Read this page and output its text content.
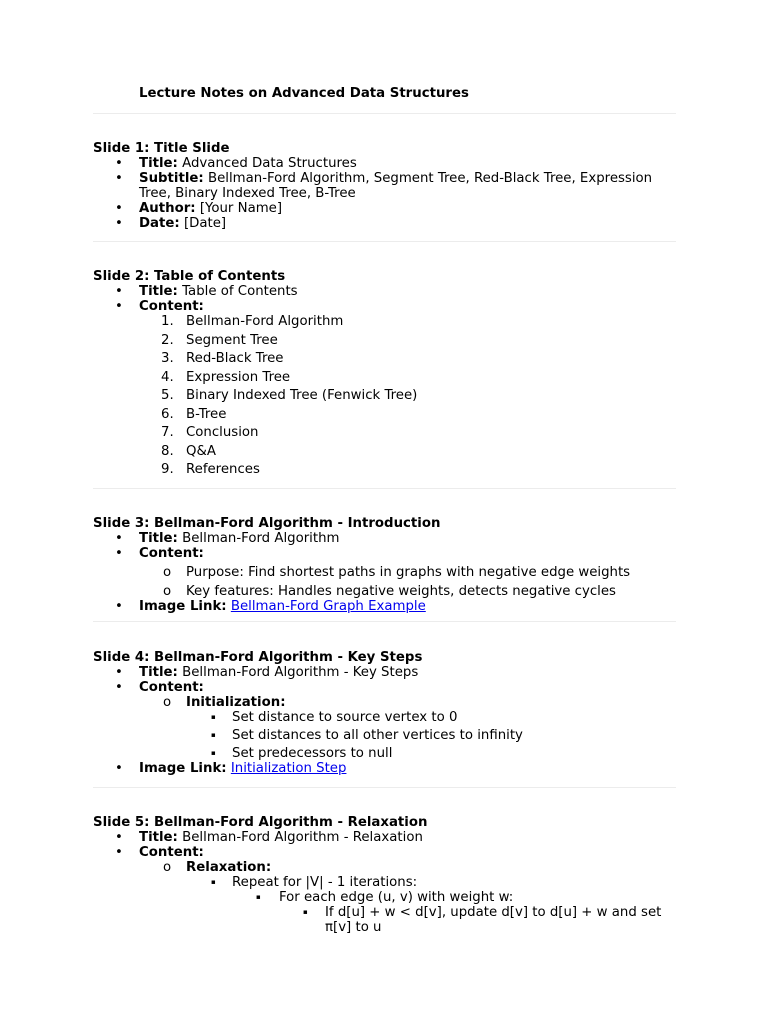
Lecture Notes on Advanced Data Structures
Slide 1: Title Slide
• Title: Advanced Data Structures
• Subtitle: Bellman-Ford Algorithm, Segment Tree, Red-Black Tree, Expression
Tree, Binary Indexed Tree, B-Tree
• Author: [Your Name]
• Date: [Date]
Slide 2: Table of Contents
• Title: Table of Contents
• Content:
1. Bellman-Ford Algorithm
2. Segment Tree
3. Red-Black Tree
4. Expression Tree
5. Binary Indexed Tree (Fenwick Tree)
6. B-Tree
7. Conclusion
8. Q&A
9. References
Slide 3: Bellman-Ford Algorithm - Introduction
• Title: Bellman-Ford Algorithm
• Content:
o Purpose: Find shortest paths in graphs with negative edge weights
o Key features: Handles negative weights, detects negative cycles
• Image Link: Bellman-Ford Graph Example
Slide 4: Bellman-Ford Algorithm - Key Steps
• Title: Bellman-Ford Algorithm - Key Steps
• Content:
o Initialization:
▪ Set distance to source vertex to 0
▪ Set distances to all other vertices to infinity
▪ Set predecessors to null
• Image Link: Initialization Step
Slide 5: Bellman-Ford Algorithm - Relaxation
• Title: Bellman-Ford Algorithm - Relaxation
• Content:
o Relaxation:
▪ Repeat for |V| - 1 iterations:
▪ For each edge (u, v) with weight w:
▪ If d[u] + w < d[v], update d[v] to d[u] + w and set
π[v] to u
